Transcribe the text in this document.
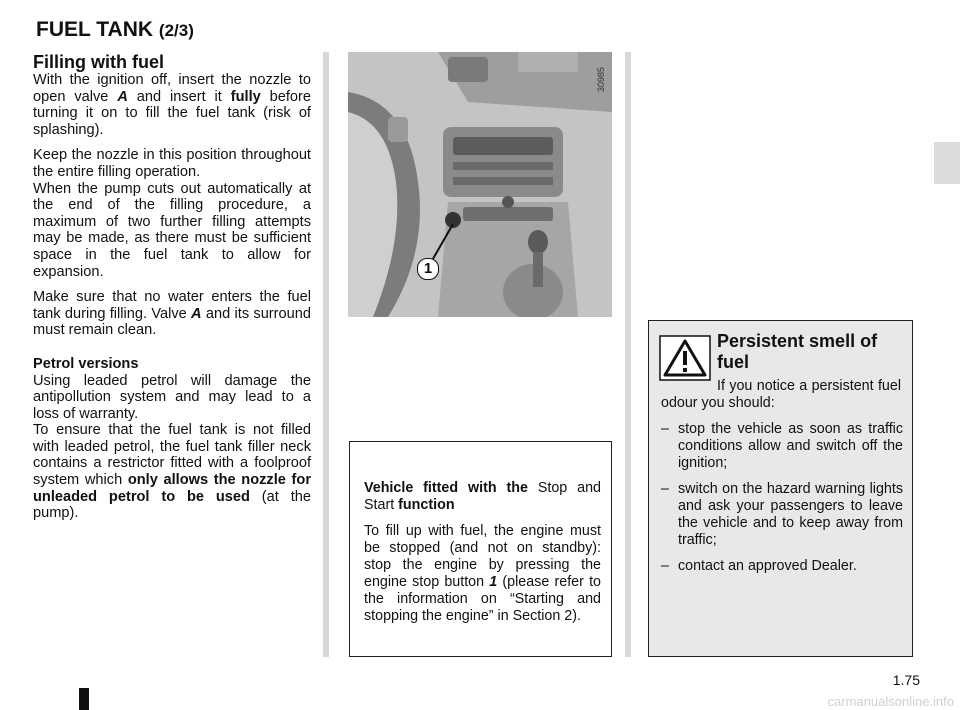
FUEL TANK (2/3)
Filling with fuel

With the ignition off, insert the nozzle to open valve A and insert it fully before turning it on to fill the fuel tank (risk of splashing).

Keep the nozzle in this position throughout the entire filling operation.

When the pump cuts out automatically at the end of the filling procedure, a maximum of two further filling attempts may be made, as there must be sufficient space in the fuel tank to allow for expansion.

Make sure that no water enters the fuel tank during filling. Valve A and its surround must remain clean.

Petrol versions

Using leaded petrol will damage the antipollution system and may lead to a loss of warranty.

To ensure that the fuel tank is not filled with leaded petrol, the fuel tank filler neck contains a restrictor fitted with a foolproof system which only allows the nozzle for unleaded petrol to be used (at the pump).

1
30985

Vehicle fitted with the Stop and Start function

To fill up with fuel, the engine must be stopped (and not on standby): stop the engine by pressing the engine stop button 1 (please refer to the information on “Starting and stopping the engine” in Section 2).

Persistent smell of fuel

If you notice a persistent fuel odour you should:

– stop the vehicle as soon as traffic conditions allow and switch off the ignition;
– switch on the hazard warning lights and ask your passengers to leave the vehicle and to keep away from traffic;
– contact an approved Dealer.
1.75
carmanualsonline.info
